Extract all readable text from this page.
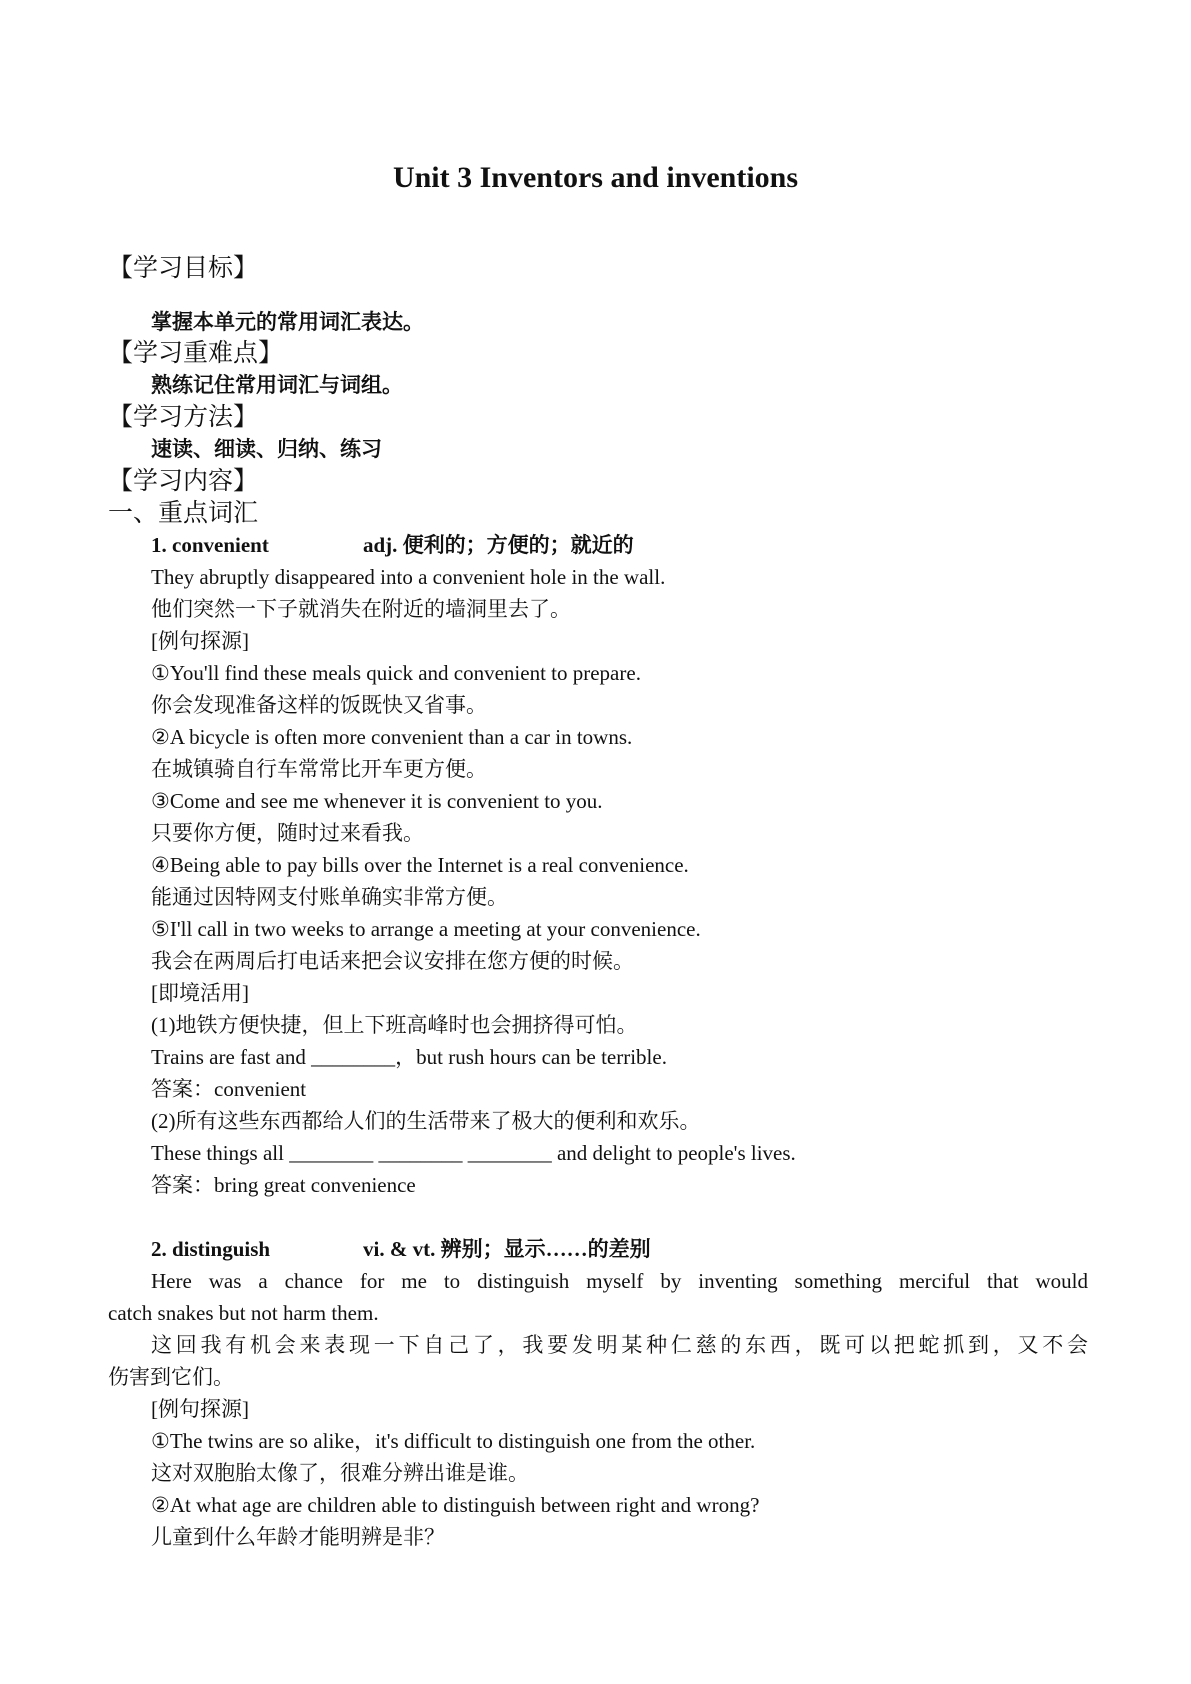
Unit 3 Inventors and inventions
【学习目标】
掌握本单元的常用词汇表达。
【学习重难点】
熟练记住常用词汇与词组。
【学习方法】
速读、细读、归纳、练习
【学习内容】
一、重点词汇
1. convenient	adj. 便利的；方便的；就近的
They abruptly disappeared into a convenient hole in the wall.
他们突然一下子就消失在附近的墙洞里去了。
[例句探源]
①You'll find these meals quick and convenient to prepare.
你会发现准备这样的饭既快又省事。
②A bicycle is often more convenient than a car in towns.
在城镇骑自行车常常比开车更方便。
③Come and see me whenever it is convenient to you.
只要你方便，随时过来看我。
④Being able to pay bills over the Internet is a real convenience.
能通过因特网支付账单确实非常方便。
⑤I'll call in two weeks to arrange a meeting at your convenience.
我会在两周后打电话来把会议安排在您方便的时候。
[即境活用]
(1)地铁方便快捷，但上下班高峰时也会拥挤得可怕。
Trains are fast and ________，but rush hours can be terrible.
答案：convenient
(2)所有这些东西都给人们的生活带来了极大的便利和欢乐。
These things all ________ ________ ________ and delight to people's lives.
答案：bring great convenience
2. distinguish	vi. & vt. 辨别；显示……的差别
Here was a chance for me to distinguish myself by inventing something merciful that would
catch snakes but not harm them.
这回我有机会来表现一下自己了，我要发明某种仁慈的东西，既可以把蛇抓到，又不会
伤害到它们。
[例句探源]
①The twins are so alike，it's difficult to distinguish one from the other.
这对双胞胎太像了，很难分辨出谁是谁。
②At what age are children able to distinguish between right and wrong?
儿童到什么年龄才能明辨是非？
